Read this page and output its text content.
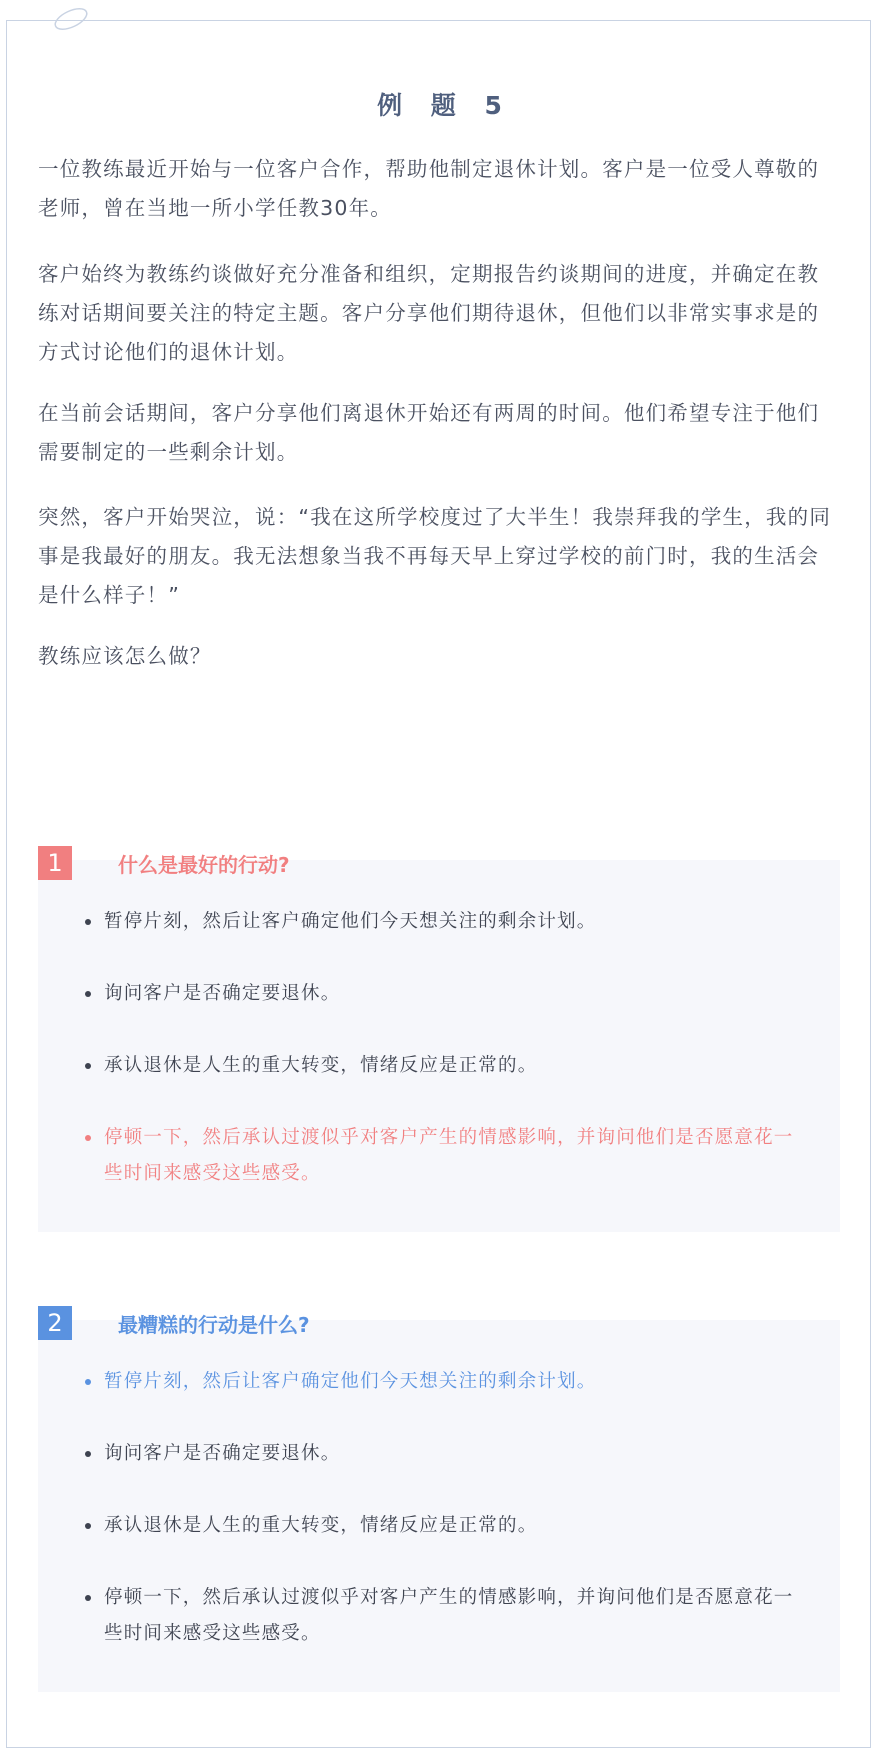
例 题 5

一位教练最近开始与一位客户合作，帮助他制定退休计划。客户是一位受人尊敬的老师，曾在当地一所小学任教30年。

客户始终为教练约谈做好充分准备和组织，定期报告约谈期间的进度，并确定在教练对话期间要关注的特定主题。客户分享他们期待退休，但他们以非常实事求是的方式讨论他们的退休计划。

在当前会话期间，客户分享他们离退休开始还有两周的时间。他们希望专注于他们需要制定的一些剩余计划。

突然，客户开始哭泣，说：“我在这所学校度过了大半生！我崇拜我的学生，我的同事是我最好的朋友。我无法想象当我不再每天早上穿过学校的前门时，我的生活会是什么样子！”

教练应该怎么做？

1	什么是最好的行动?
暂停片刻，然后让客户确定他们今天想关注的剩余计划。
询问客户是否确定要退休。
承认退休是人生的重大转变，情绪反应是正常的。
停顿一下，然后承认过渡似乎对客户产生的情感影响，并询问他们是否愿意花一些时间来感受这些感受。
2	最糟糕的行动是什么?
暂停片刻，然后让客户确定他们今天想关注的剩余计划。
询问客户是否确定要退休。
承认退休是人生的重大转变，情绪反应是正常的。
停顿一下，然后承认过渡似乎对客户产生的情感影响，并询问他们是否愿意花一些时间来感受这些感受。
